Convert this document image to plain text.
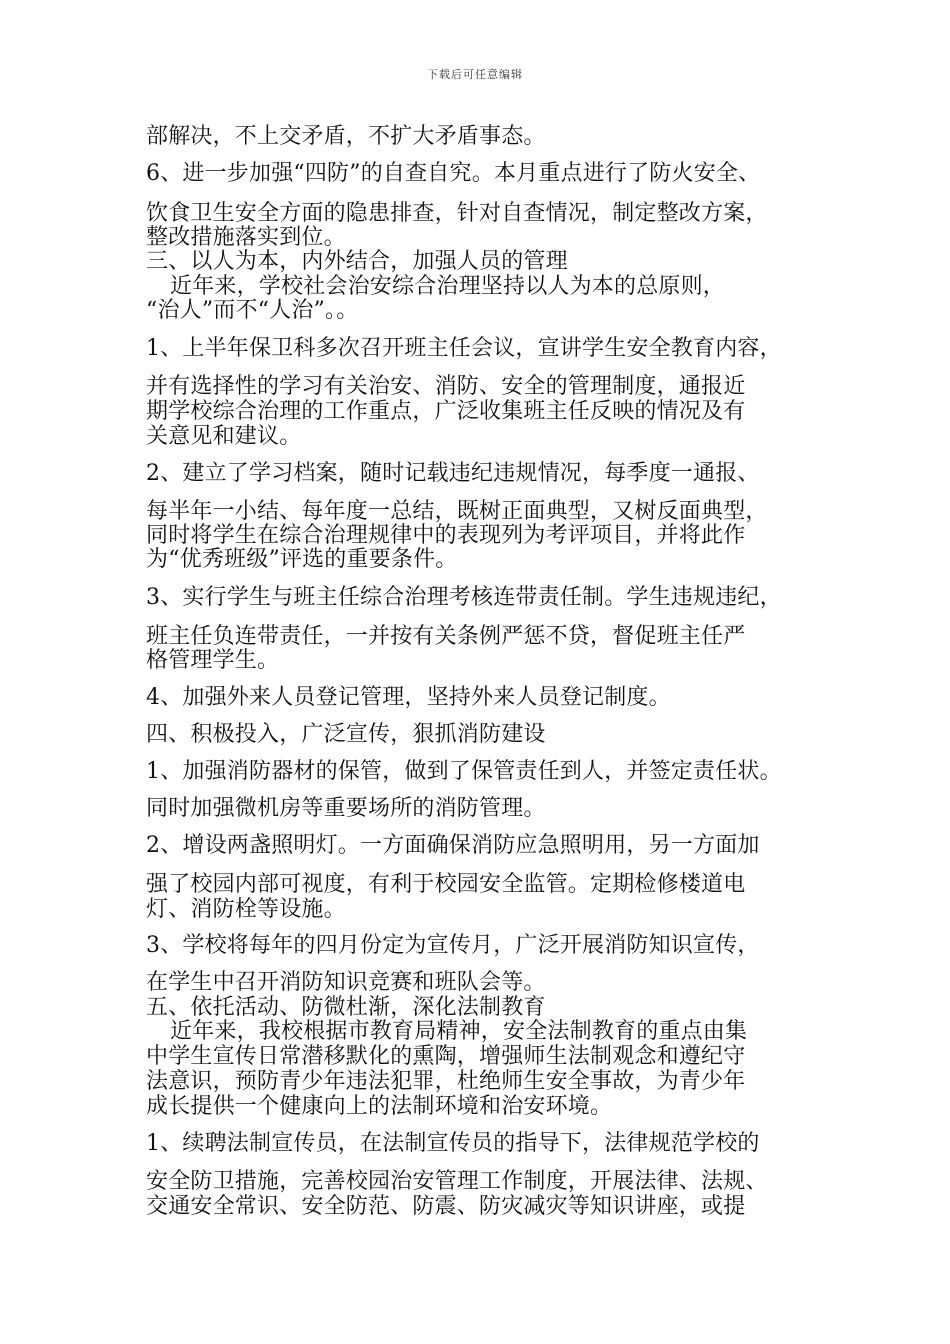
下载后可任意编辑
部解决，不上交矛盾，不扩大矛盾事态。
6、进一步加强“四防”的自查自究。本月重点进行了防火安全、
饮食卫生安全方面的隐患排查，针对自查情况，制定整改方案，
整改措施落实到位。
三、以人为本，内外结合，加强人员的管理
近年来，学校社会治安综合治理坚持以人为本的总原则，
“治人”而不“人治”。。
1、上半年保卫科多次召开班主任会议，宣讲学生安全教育内容，
并有选择性的学习有关治安、消防、安全的管理制度，通报近
期学校综合治理的工作重点，广泛收集班主任反映的情况及有
关意见和建议。
2、建立了学习档案，随时记载违纪违规情况，每季度一通报、
每半年一小结、每年度一总结，既树正面典型，又树反面典型，
同时将学生在综合治理规律中的表现列为考评项目，并将此作
为“优秀班级”评选的重要条件。
3、实行学生与班主任综合治理考核连带责任制。学生违规违纪，
班主任负连带责任，一并按有关条例严惩不贷，督促班主任严
格管理学生。
4、加强外来人员登记管理，坚持外来人员登记制度。
四、积极投入，广泛宣传，狠抓消防建设
1、加强消防器材的保管，做到了保管责任到人，并签定责任状。
同时加强微机房等重要场所的消防管理。
2、增设两盏照明灯。一方面确保消防应急照明用，另一方面加
强了校园内部可视度，有利于校园安全监管。定期检修楼道电
灯、消防栓等设施。
3、学校将每年的四月份定为宣传月，广泛开展消防知识宣传，
在学生中召开消防知识竞赛和班队会等。
五、依托活动、防微杜渐，深化法制教育
近年来，我校根据市教育局精神，安全法制教育的重点由集
中学生宣传日常潜移默化的熏陶，增强师生法制观念和遵纪守
法意识，预防青少年违法犯罪，杜绝师生安全事故，为青少年
成长提供一个健康向上的法制环境和治安环境。
1、续聘法制宣传员，在法制宣传员的指导下，法律规范学校的
安全防卫措施，完善校园治安管理工作制度，开展法律、法规、
交通安全常识、安全防范、防震、防灾减灾等知识讲座，或提
